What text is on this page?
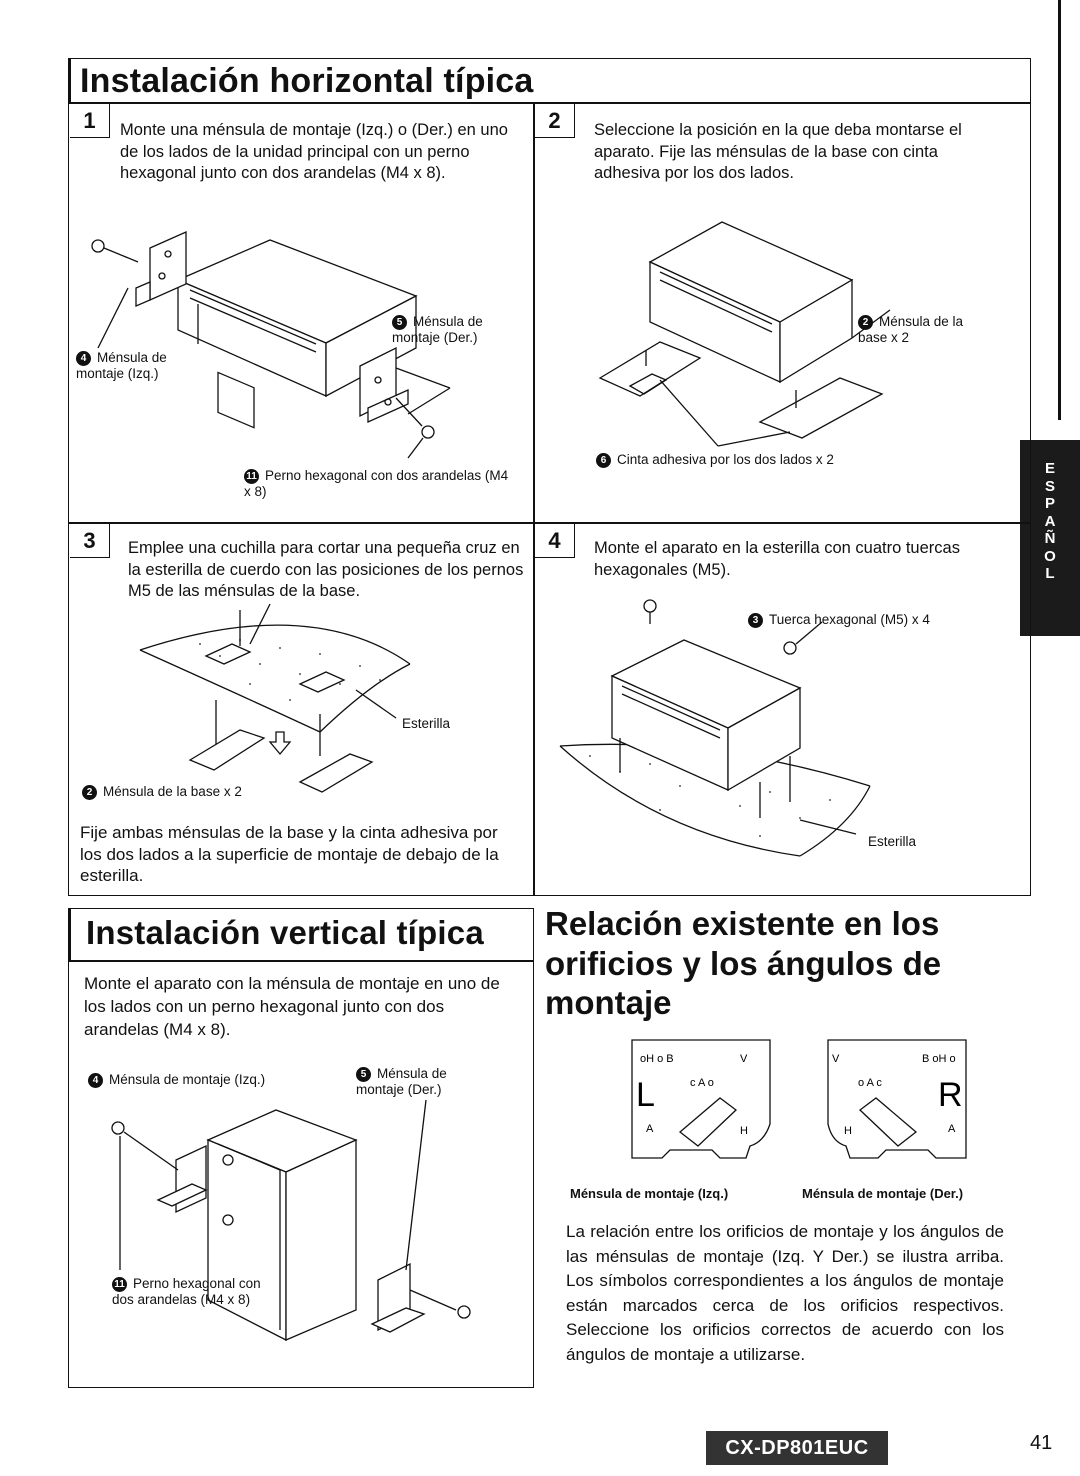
E
S
P
A
Ñ
O
L
Instalación horizontal típica
1	Monte una ménsula de montaje (Izq.) o (Der.) en uno de los lados de la unidad principal con un perno hexagonal junto con dos arandelas (M4 x 8).
5 Ménsula de montaje (Der.)
4 Ménsula de montaje (Izq.)
11 Perno hexagonal con dos arandelas (M4 x 8)
2	Seleccione la posición en la que deba montarse el aparato. Fije las ménsulas de la base con cinta adhesiva por los dos lados.
2 Ménsula de la base x 2
6 Cinta adhesiva por los dos lados x 2
3	Emplee una cuchilla para cortar una pequeña cruz en la esterilla de cuerdo con las posiciones de los pernos M5 de las ménsulas de la base.
Esterilla
2 Ménsula de la base x 2
Fije ambas ménsulas de la base y la cinta adhesiva por los dos lados a la superficie de montaje de debajo de la esterilla.
4	Monte el aparato en la esterilla con cuatro tuercas hexagonales (M5).
3 Tuerca hexagonal (M5) x 4
Esterilla
Instalación vertical típica
Monte el aparato con la ménsula de montaje en uno de los lados con un perno hexagonal junto con dos arandelas (M4 x 8).
4 Ménsula de montaje (Izq.)	5 Ménsula de montaje (Der.)
11 Perno hexagonal con dos arandelas (M4 x 8)
Relación existente en los orificios y los ángulos de montaje
oH o B	V
c A o
L
A	H
V	B oH o
o A c R
A
H
Ménsula de montaje (Izq.)	Ménsula de montaje (Der.)
La relación entre los orificios de montaje y los ángulos de las ménsulas de montaje (Izq. Y Der.) se ilustra arriba. Los símbolos correspondientes a los ángulos de montaje están marcados cerca de los orificios respectivos. Seleccione los orificios correctos de acuerdo con los ángulos de montaje a utilizarse.
CX-DP801EUC	41
